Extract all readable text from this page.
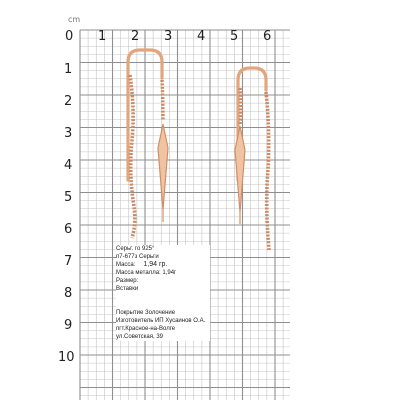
cm
0 1 2 3 4 5 6
1
2
3
4
5
6
7
8
9
10
Серьг. го 925°
п7-677з Серьги
Масса: 1,94 гр.
Масса металла: 1,94г
Размер:
Вставки
Покрытие Золочение
Изготовитель ИП Хусаинов О.А.
пгт.Красное-на-Волге
ул.Советская, 39
